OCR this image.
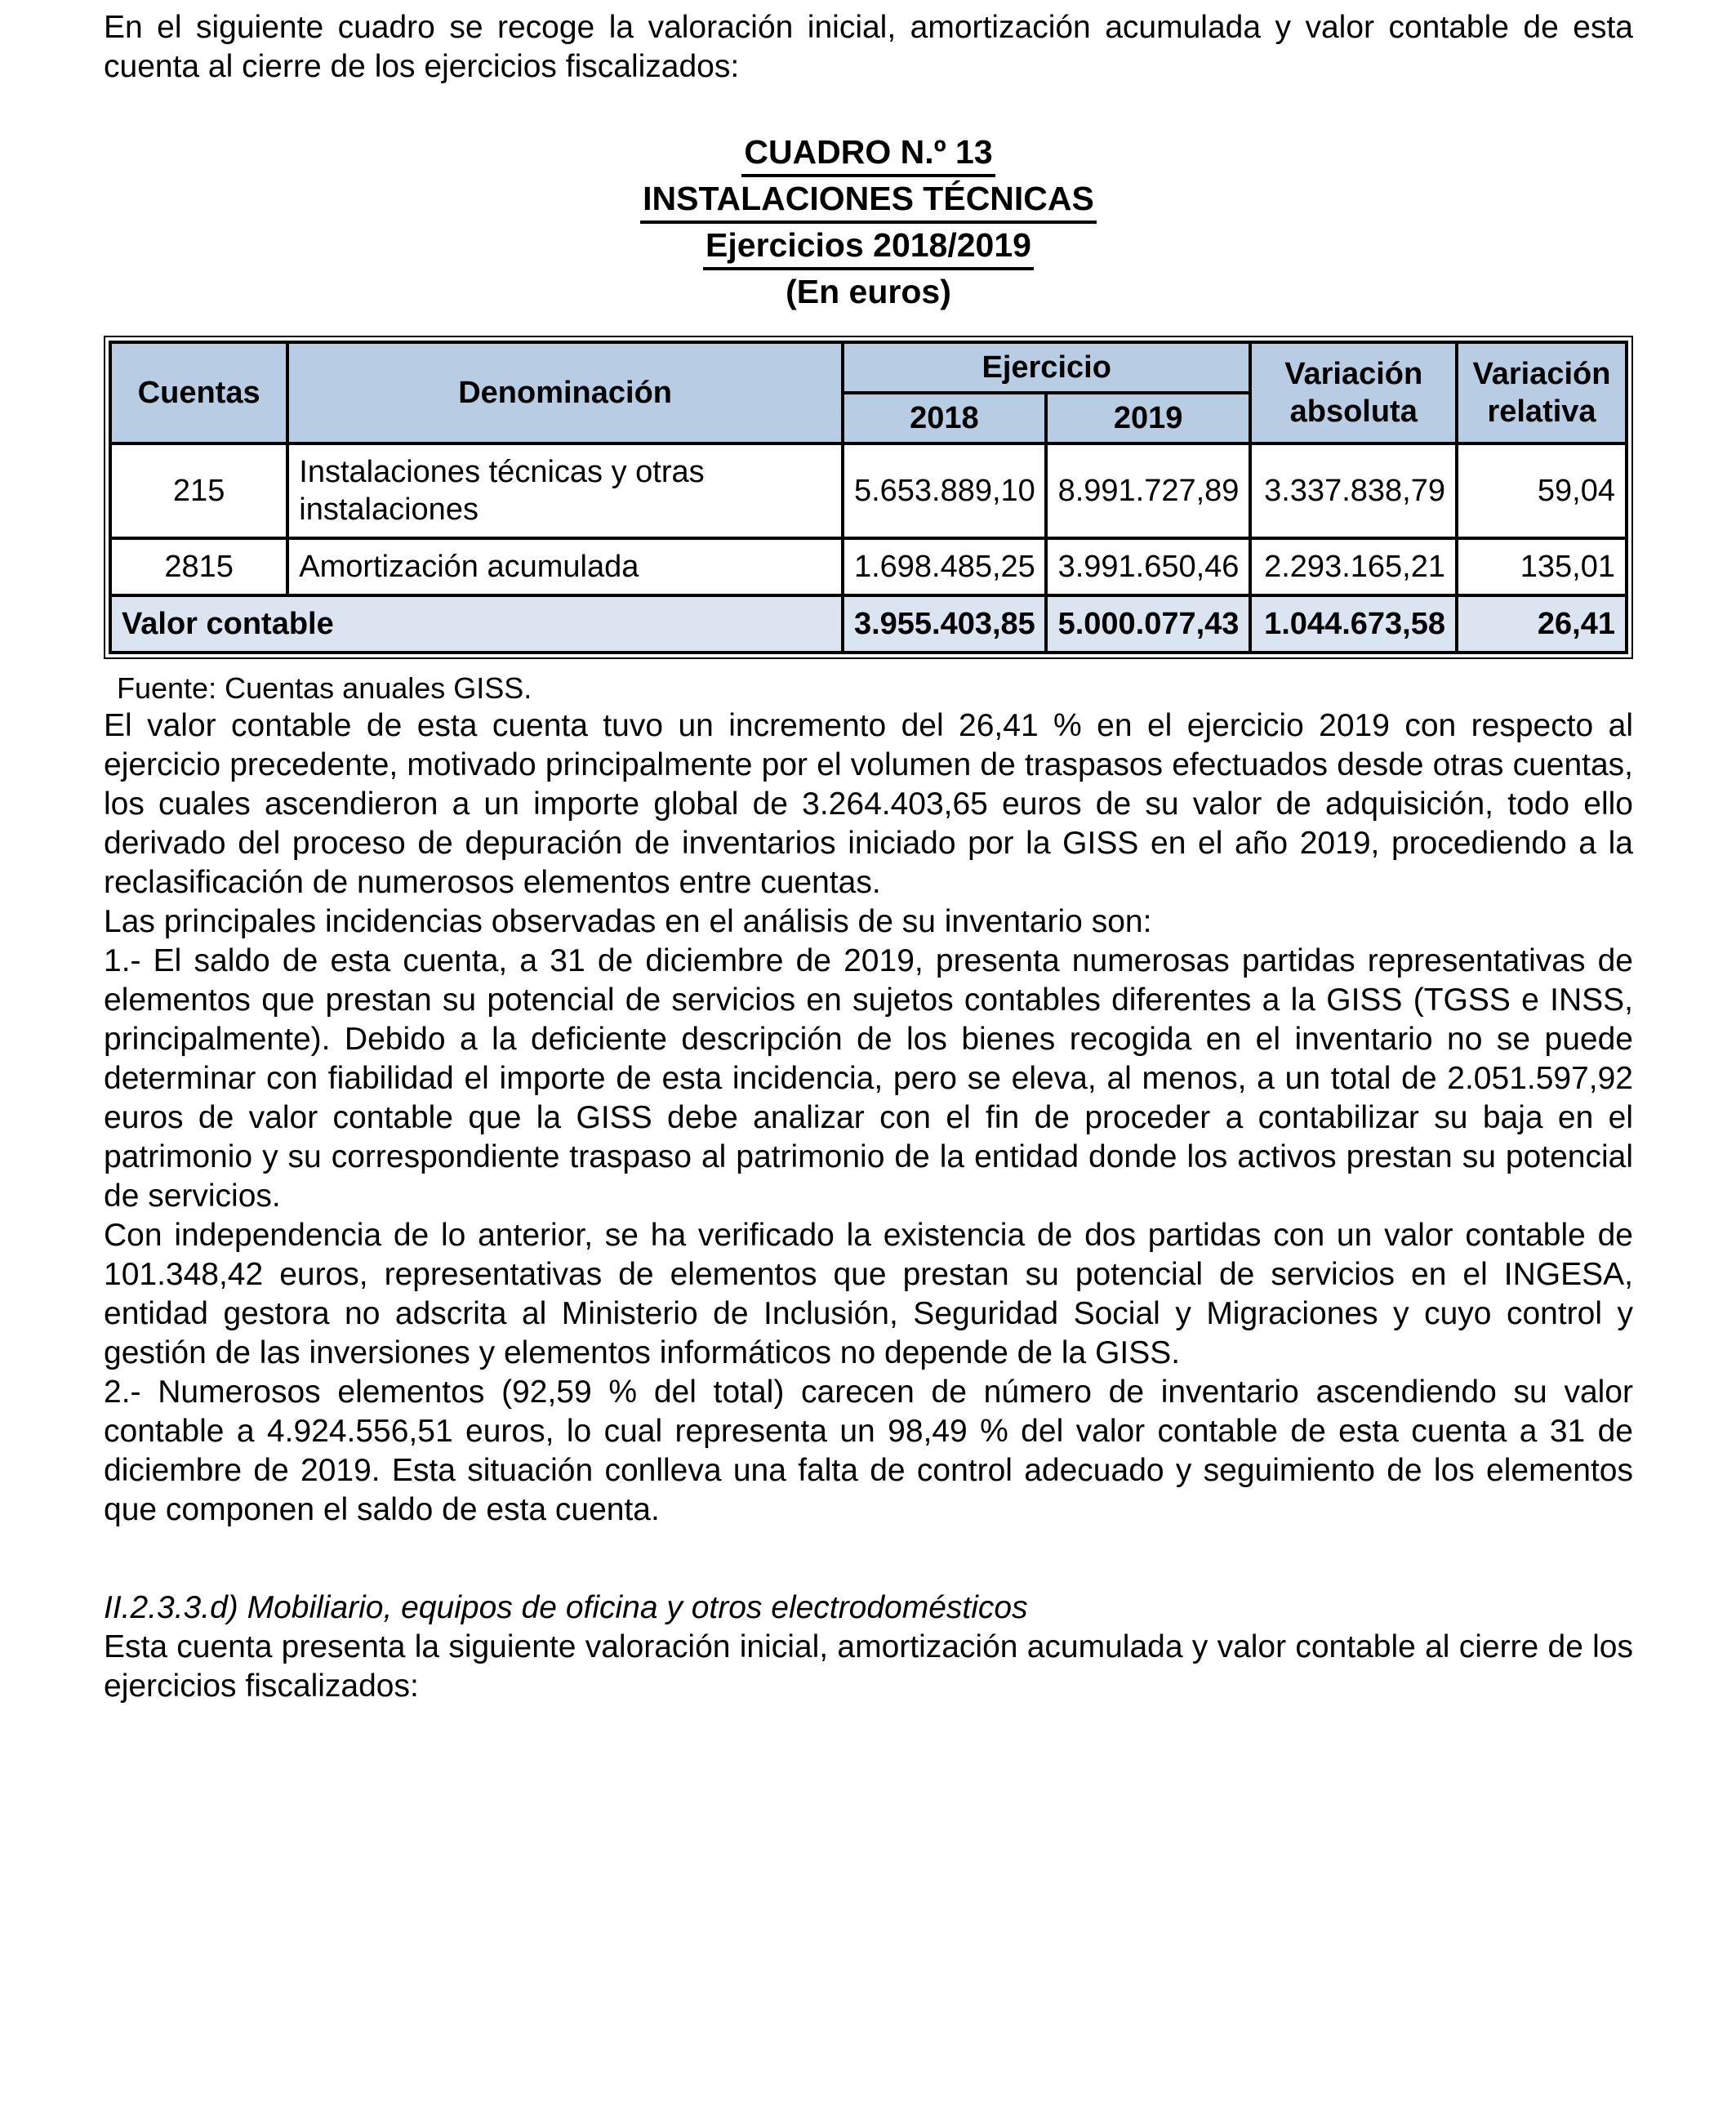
En el siguiente cuadro se recoge la valoración inicial, amortización acumulada y valor contable de esta cuenta al cierre de los ejercicios fiscalizados:

CUADRO N.º 13
INSTALACIONES TÉCNICAS
Ejercicios 2018/2019
(En euros)
Cuentas	Denominación	Ejercicio		Variación absoluta	Variación relativa
		2018	2019		
215	Instalaciones técnicas y otras instalaciones	5.653.889,10	8.991.727,89	3.337.838,79	59,04
2815	Amortización acumulada	1.698.485,25	3.991.650,46	2.293.165,21	135,01
Valor contable		3.955.403,85	5.000.077,43	1.044.673,58	26,41

Fuente: Cuentas anuales GISS.

El valor contable de esta cuenta tuvo un incremento del 26,41 % en el ejercicio 2019 con respecto al ejercicio precedente, motivado principalmente por el volumen de traspasos efectuados desde otras cuentas, los cuales ascendieron a un importe global de 3.264.403,65 euros de su valor de adquisición, todo ello derivado del proceso de depuración de inventarios iniciado por la GISS en el año 2019, procediendo a la reclasificación de numerosos elementos entre cuentas.

Las principales incidencias observadas en el análisis de su inventario son:

1.- El saldo de esta cuenta, a 31 de diciembre de 2019, presenta numerosas partidas representativas de elementos que prestan su potencial de servicios en sujetos contables diferentes a la GISS (TGSS e INSS, principalmente). Debido a la deficiente descripción de los bienes recogida en el inventario no se puede determinar con fiabilidad el importe de esta incidencia, pero se eleva, al menos, a un total de 2.051.597,92 euros de valor contable que la GISS debe analizar con el fin de proceder a contabilizar su baja en el patrimonio y su correspondiente traspaso al patrimonio de la entidad donde los activos prestan su potencial de servicios.

Con independencia de lo anterior, se ha verificado la existencia de dos partidas con un valor contable de 101.348,42 euros, representativas de elementos que prestan su potencial de servicios en el INGESA, entidad gestora no adscrita al Ministerio de Inclusión, Seguridad Social y Migraciones y cuyo control y gestión de las inversiones y elementos informáticos no depende de la GISS.

2.- Numerosos elementos (92,59 % del total) carecen de número de inventario ascendiendo su valor contable a 4.924.556,51 euros, lo cual representa un 98,49 % del valor contable de esta cuenta a 31 de diciembre de 2019. Esta situación conlleva una falta de control adecuado y seguimiento de los elementos que componen el saldo de esta cuenta.

II.2.3.3.d) Mobiliario, equipos de oficina y otros electrodomésticos

Esta cuenta presenta la siguiente valoración inicial, amortización acumulada y valor contable al cierre de los ejercicios fiscalizados:
